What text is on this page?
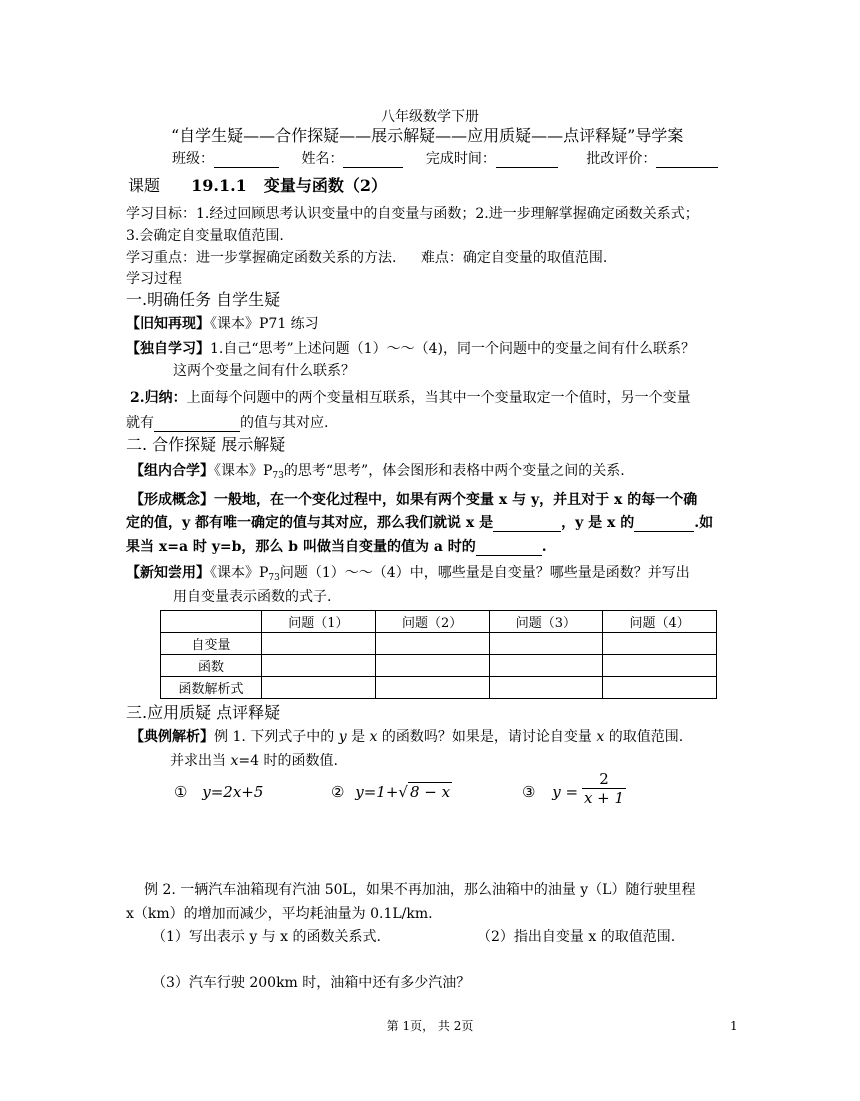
八年级数学下册
“自学生疑——合作探疑——展示解疑——应用质疑——点评释疑”导学案
班级：	姓名：	完成时间：	批改评价：
课题 19.1.1 变量与函数（2）
学习目标：1.经过回顾思考认识变量中的自变量与函数；2.进一步理解掌握确定函数关系式；
3.会确定自变量取值范围.
学习重点：进一步掌握确定函数关系的方法. 难点：确定自变量的取值范围.
学习过程
一.明确任务 自学生疑
【旧知再现】《课本》P71 练习
【独自学习】1.自己“思考”上述问题（1）～～（4)，同一个问题中的变量之间有什么联系？
这两个变量之间有什么联系？
2.归纳：上面每个问题中的两个变量相互联系，当其中一个变量取定一个值时，另一个变量
就有	的值与其对应.
二. 合作探疑 展示解疑
【组内合学】《课本》$P_{73}$的思考“思考”，体会图形和表格中两个变量之间的关系.
【形成概念】一般地，在一个变化过程中，如果有两个变量 x 与 y，并且对于 x 的每一个确
定的值，y 都有唯一确定的值与其对应，那么我们就说 x 是	，y 是 x 的	.如
果当 x=a 时 y=b，那么 b 叫做当自变量的值为 a 时的	.
【新知尝用】《课本》$P_{73}$问题（1）～～（4）中，哪些量是自变量？哪些量是函数？并写出
用自变量表示函数的式子.
	问题（1）	问题（2）	问题（3）	问题（4）
自变量				
函数				
函数解析式				
三.应用质疑 点评释疑
【典例解析】例 1. 下列式子中的 y 是 x 的函数吗？如果是，请讨论自变量 x 的取值范围.
并求出当 x=4 时的函数值.
① y=2x+5	② y=1+√ 8 − x	③ $y = \frac{2}{x + 1}$
例 2. 一辆汽车油箱现有汽油 50L，如果不再加油，那么油箱中的油量 y（L）随行驶里程
x（km）的增加而减少，平均耗油量为 0.1L/km.
（1）写出表示 y 与 x 的函数关系式.	（2）指出自变量 x 的取值范围.
（3）汽车行驶 200km 时，油箱中还有多少汽油？
第 1页， 共 2页	1
